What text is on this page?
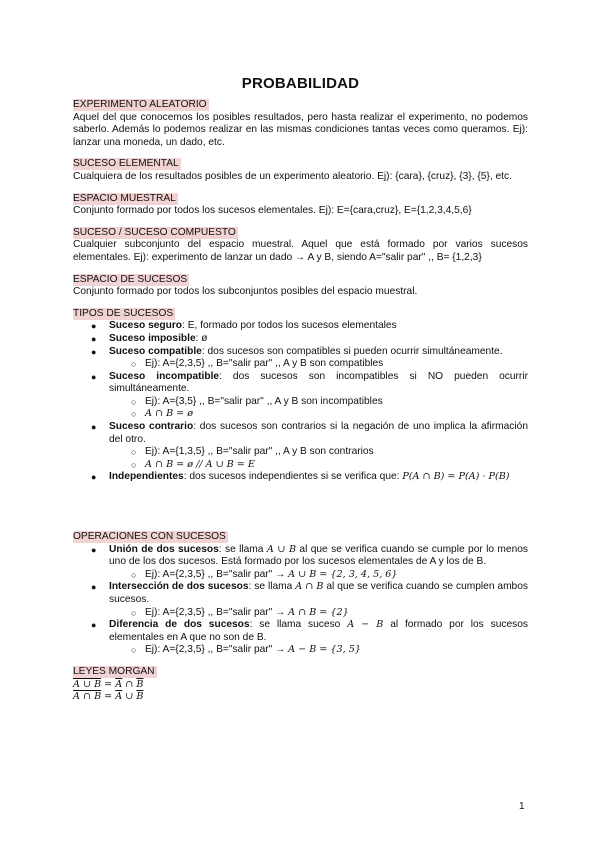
PROBABILIDAD
EXPERIMENTO ALEATORIO
Aquel del que conocemos los posibles resultados, pero hasta realizar el experimento, no podemos saberlo. Además lo podemos realizar en las mismas condiciones tantas veces como queramos. Ej): lanzar una moneda, un dado, etc.
SUCESO ELEMENTAL
Cualquiera de los resultados posibles de un experimento aleatorio. Ej): {cara}, {cruz}, {3}, {5}, etc.
ESPACIO MUESTRAL
Conjunto formado por todos los sucesos elementales. Ej): E={cara,cruz}, E={1,2,3,4,5,6}
SUCESO / SUCESO COMPUESTO
Cualquier subconjunto del espacio muestral. Aquel que está formado por varios sucesos elementales. Ej): experimento de lanzar un dado → A y B, siendo A="salir par" ,, B= {1,2,3}
ESPACIO DE SUCESOS
Conjunto formado por todos los subconjuntos posibles del espacio muestral.
TIPOS DE SUCESOS
● Suceso seguro: E, formado por todos los sucesos elementales
● Suceso imposible: ø
● Suceso compatible: dos sucesos son compatibles si pueden ocurrir simultáneamente.
○ Ej): A={2,3,5} ,, B="salir par" ,, A y B son compatibles
● Suceso incompatible: dos sucesos son incompatibles si NO pueden ocurrir simultáneamente.
○ Ej): A={3,5} ,, B="salir par" ,, A y B son incompatibles
○ A ∩ B = ø
● Suceso contrario: dos sucesos son contrarios si la negación de uno implica la afirmación del otro.
○ Ej): A={1,3,5} ,, B="salir par" ,, A y B son contrarios
○ A ∩ B = ø // A ∪ B = E
● Independientes: dos sucesos independientes si se verifica que: P(A ∩ B) = P(A) · P(B)
OPERACIONES CON SUCESOS
● Unión de dos sucesos: se llama A ∪ B al que se verifica cuando se cumple por lo menos uno de los dos sucesos. Está formado por los sucesos elementales de A y los de B.
○ Ej): A={2,3,5} ,, B="salir par" → A ∪ B = {2, 3, 4, 5, 6}
● Intersección de dos sucesos: se llama A ∩ B al que se verifica cuando se cumplen ambos sucesos.
○ Ej): A={2,3,5} ,, B="salir par" → A ∩ B = {2}
● Diferencia de dos sucesos: se llama suceso A − B al formado por los sucesos elementales en A que no son de B.
○ Ej): A={2,3,5} ,, B="salir par" → A − B = {3, 5}
LEYES MORGAN
A ∪ $B = \overline{A}$ ∩ $\overline{B}$
A ∩ $B = \overline{A}$ ∪ $\overline{B}$
1
